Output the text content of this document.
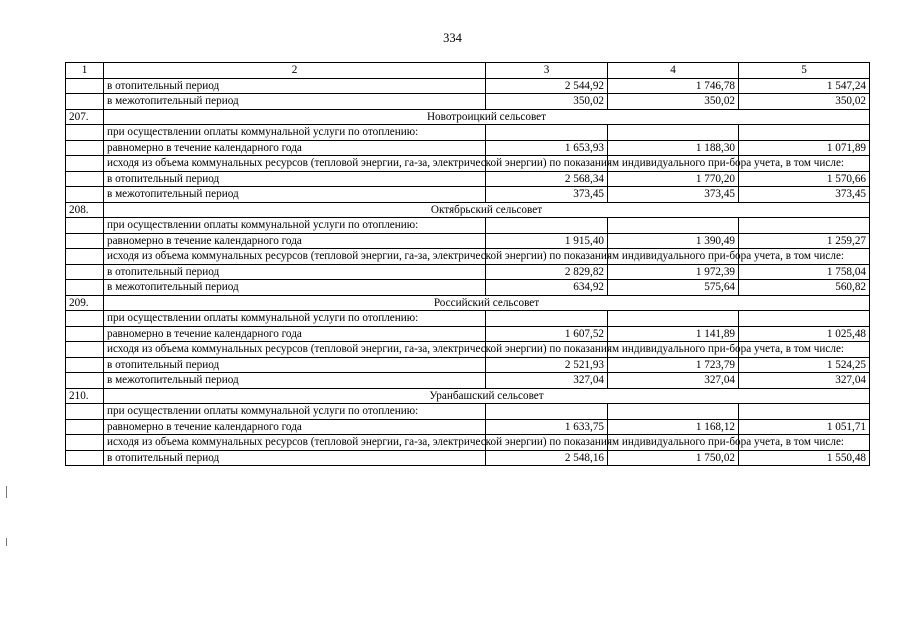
334
1	2	3	4	5
	в отопительный период	2 544,92	1 746,78	1 547,24
	в межотопительный период	350,02	350,02	350,02
207.	Новотроицкий сельсовет			
	при осуществлении оплаты коммунальной услуги по отоплению:			
	равномерно в течение календарного года	1 653,93	1 188,30	1 071,89
	исходя из объема коммунальных ресурсов (тепловой энергии, га-за, электрической энергии) по показаниям индивидуального при-бора учета, в том числе:			
	в отопительный период	2 568,34	1 770,20	1 570,66
	в межотопительный период	373,45	373,45	373,45
208.	Октябрьский сельсовет			
	при осуществлении оплаты коммунальной услуги по отоплению:			
	равномерно в течение календарного года	1 915,40	1 390,49	1 259,27
	исходя из объема коммунальных ресурсов (тепловой энергии, га-за, электрической энергии) по показаниям индивидуального при-бора учета, в том числе:			
	в отопительный период	2 829,82	1 972,39	1 758,04
	в межотопительный период	634,92	575,64	560,82
209.	Российский сельсовет			
	при осуществлении оплаты коммунальной услуги по отоплению:			
	равномерно в течение календарного года	1 607,52	1 141,89	1 025,48
	исходя из объема коммунальных ресурсов (тепловой энергии, га-за, электрической энергии) по показаниям индивидуального при-бора учета, в том числе:			
	в отопительный период	2 521,93	1 723,79	1 524,25
	в межотопительный период	327,04	327,04	327,04
210.	Уранбашский сельсовет			
	при осуществлении оплаты коммунальной услуги по отоплению:			
	равномерно в течение календарного года	1 633,75	1 168,12	1 051,71
	исходя из объема коммунальных ресурсов (тепловой энергии, га-за, электрической энергии) по показаниям индивидуального при-бора учета, в том числе:			
	в отопительный период	2 548,16	1 750,02	1 550,48
